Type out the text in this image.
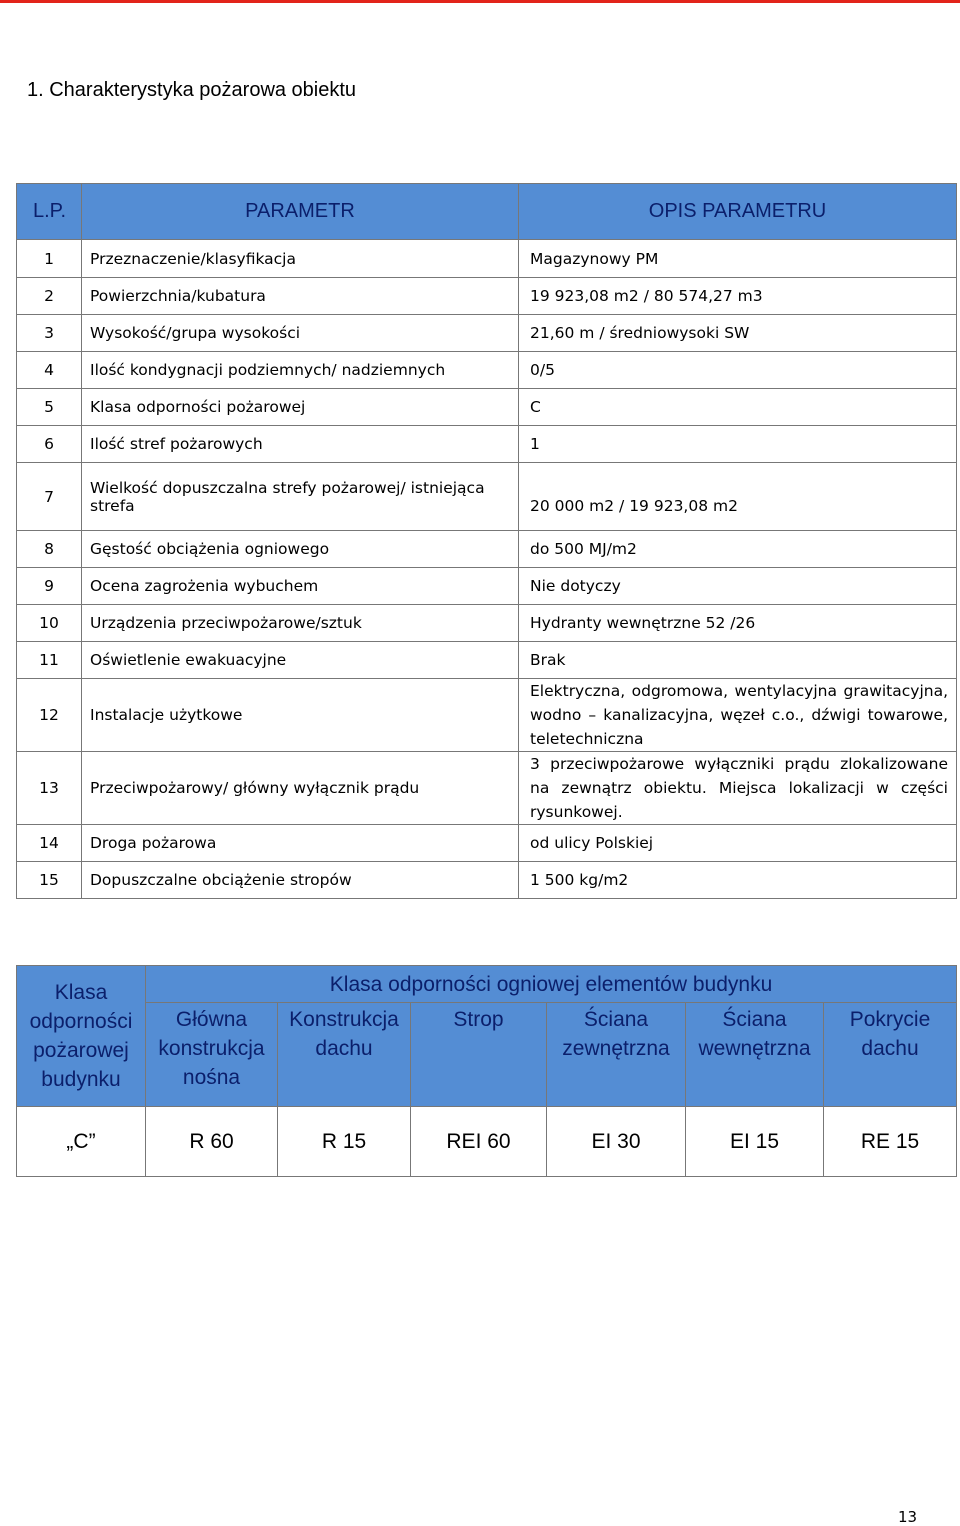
1. Charakterystyka pożarowa obiektu
L.P.	PARAMETR	OPIS PARAMETRU
1	Przeznaczenie/klasyfikacja	Magazynowy PM
2	Powierzchnia/kubatura	19 923,08 m2 / 80 574,27 m3
3	Wysokość/grupa wysokości	21,60 m / średniowysoki SW
4	Ilość kondygnacji podziemnych/ nadziemnych	0/5
5	Klasa odporności pożarowej	C
6	Ilość stref pożarowych	1
7	Wielkość dopuszczalna strefy pożarowej/ istniejąca strefa	20 000 m2 / 19 923,08 m2
8	Gęstość obciążenia ogniowego	do 500 MJ/m2
9	Ocena zagrożenia wybuchem	Nie dotyczy
10	Urządzenia przeciwpożarowe/sztuk	Hydranty wewnętrzne 52 /26
11	Oświetlenie ewakuacyjne	Brak
12	Instalacje użytkowe	Elektryczna, odgromowa, wentylacyjna grawitacyjna, wodno – kanalizacyjna, węzeł c.o., dźwigi towarowe, teletechniczna
13	Przeciwpożarowy/ główny wyłącznik prądu	3 przeciwpożarowe wyłączniki prądu zlokalizowane na zewnątrz obiektu. Miejsca lokalizacji w części rysunkowej.
14	Droga pożarowa	od ulicy Polskiej
15	Dopuszczalne obciążenie stropów	1 500 kg/m2
Klasa odporności pożarowej budynku	Klasa odporności ogniowej elementów budynku					
	Główna konstrukcja nośna	Konstrukcja dachu	Strop	Ściana zewnętrzna	Ściana wewnętrzna	Pokrycie dachu
„C”	R 60	R 15	REI 60	EI 30	EI 15	RE 15
13
